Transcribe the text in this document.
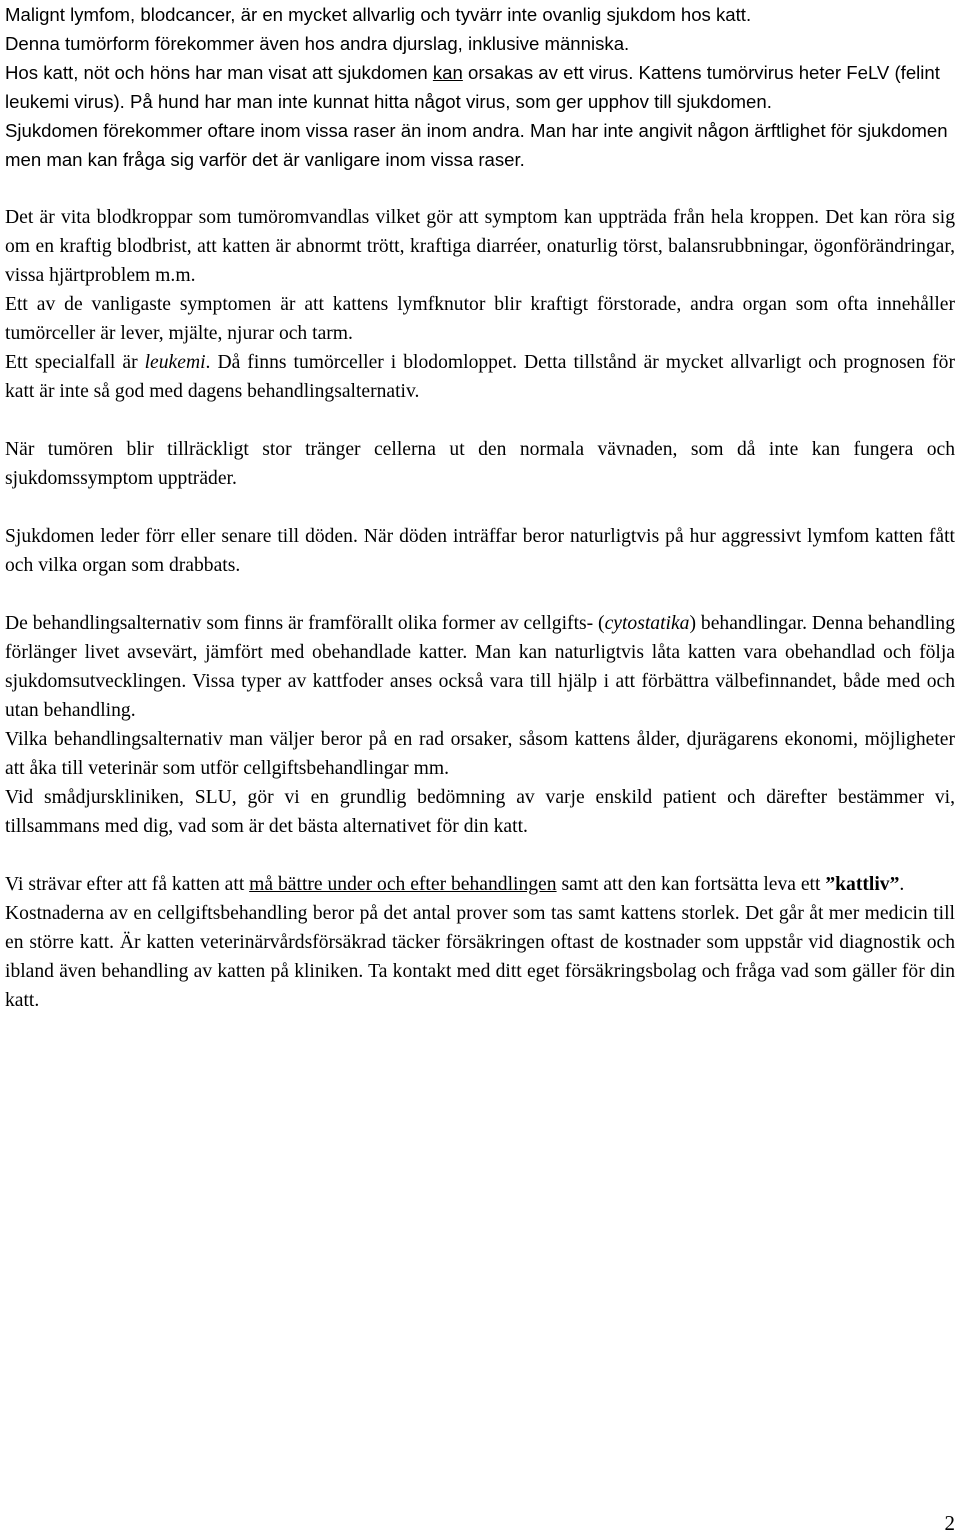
Malignt lymfom, blodcancer, är en mycket allvarlig och tyvärr inte ovanlig sjukdom hos katt.

Denna tumörform förekommer även hos andra djurslag, inklusive människa.

Hos katt, nöt och höns har man visat att sjukdomen kan orsakas av ett virus. Kattens tumörvirus heter FeLV (felint leukemi virus). På hund har man inte kunnat hitta något virus, som ger upphov till sjukdomen.

Sjukdomen förekommer oftare inom vissa raser än inom andra. Man har inte angivit någon ärftlighet för sjukdomen men man kan fråga sig varför det är vanligare inom vissa raser.

Det är vita blodkroppar som tumöromvandlas vilket gör att symptom kan uppträda från hela kroppen. Det kan röra sig om en kraftig blodbrist, att katten är abnormt trött, kraftiga diarréer, onaturlig törst, balansrubbningar, ögonförändringar, vissa hjärtproblem m.m.

Ett av de vanligaste symptomen är att kattens lymfknutor blir kraftigt förstorade, andra organ som ofta innehåller tumörceller är lever, mjälte, njurar och tarm.

Ett specialfall är leukemi. Då finns tumörceller i blodomloppet. Detta tillstånd är mycket allvarligt och prognosen för katt är inte så god med dagens behandlingsalternativ.

När tumören blir tillräckligt stor tränger cellerna ut den normala vävnaden, som då inte kan fungera och sjukdomssymptom uppträder.

Sjukdomen leder förr eller senare till döden. När döden inträffar beror naturligtvis på hur aggressivt lymfom katten fått och vilka organ som drabbats.

De behandlingsalternativ som finns är framförallt olika former av cellgifts- (cytostatika) behandlingar. Denna behandling förlänger livet avsevärt, jämfört med obehandlade katter. Man kan naturligtvis låta katten vara obehandlad och följa sjukdomsutvecklingen. Vissa typer av kattfoder anses också vara till hjälp i att förbättra välbefinnandet, både med och utan behandling.

Vilka behandlingsalternativ man väljer beror på en rad orsaker, såsom kattens ålder, djurägarens ekonomi, möjligheter att åka till veterinär som utför cellgiftsbehandlingar mm.

Vid smådjurskliniken, SLU, gör vi en grundlig bedömning av varje enskild patient och därefter bestämmer vi, tillsammans med dig, vad som är det bästa alternativet för din katt.

Vi strävar efter att få katten att må bättre under och efter behandlingen samt att den kan fortsätta leva ett ”kattliv”.

Kostnaderna av en cellgiftsbehandling beror på det antal prover som tas samt kattens storlek. Det går åt mer medicin till en större katt. Är katten veterinärvårdsförsäkrad täcker försäkringen oftast de kostnader som uppstår vid diagnostik och ibland även behandling av katten på kliniken. Ta kontakt med ditt eget försäkringsbolag och fråga vad som gäller för din katt.

2
